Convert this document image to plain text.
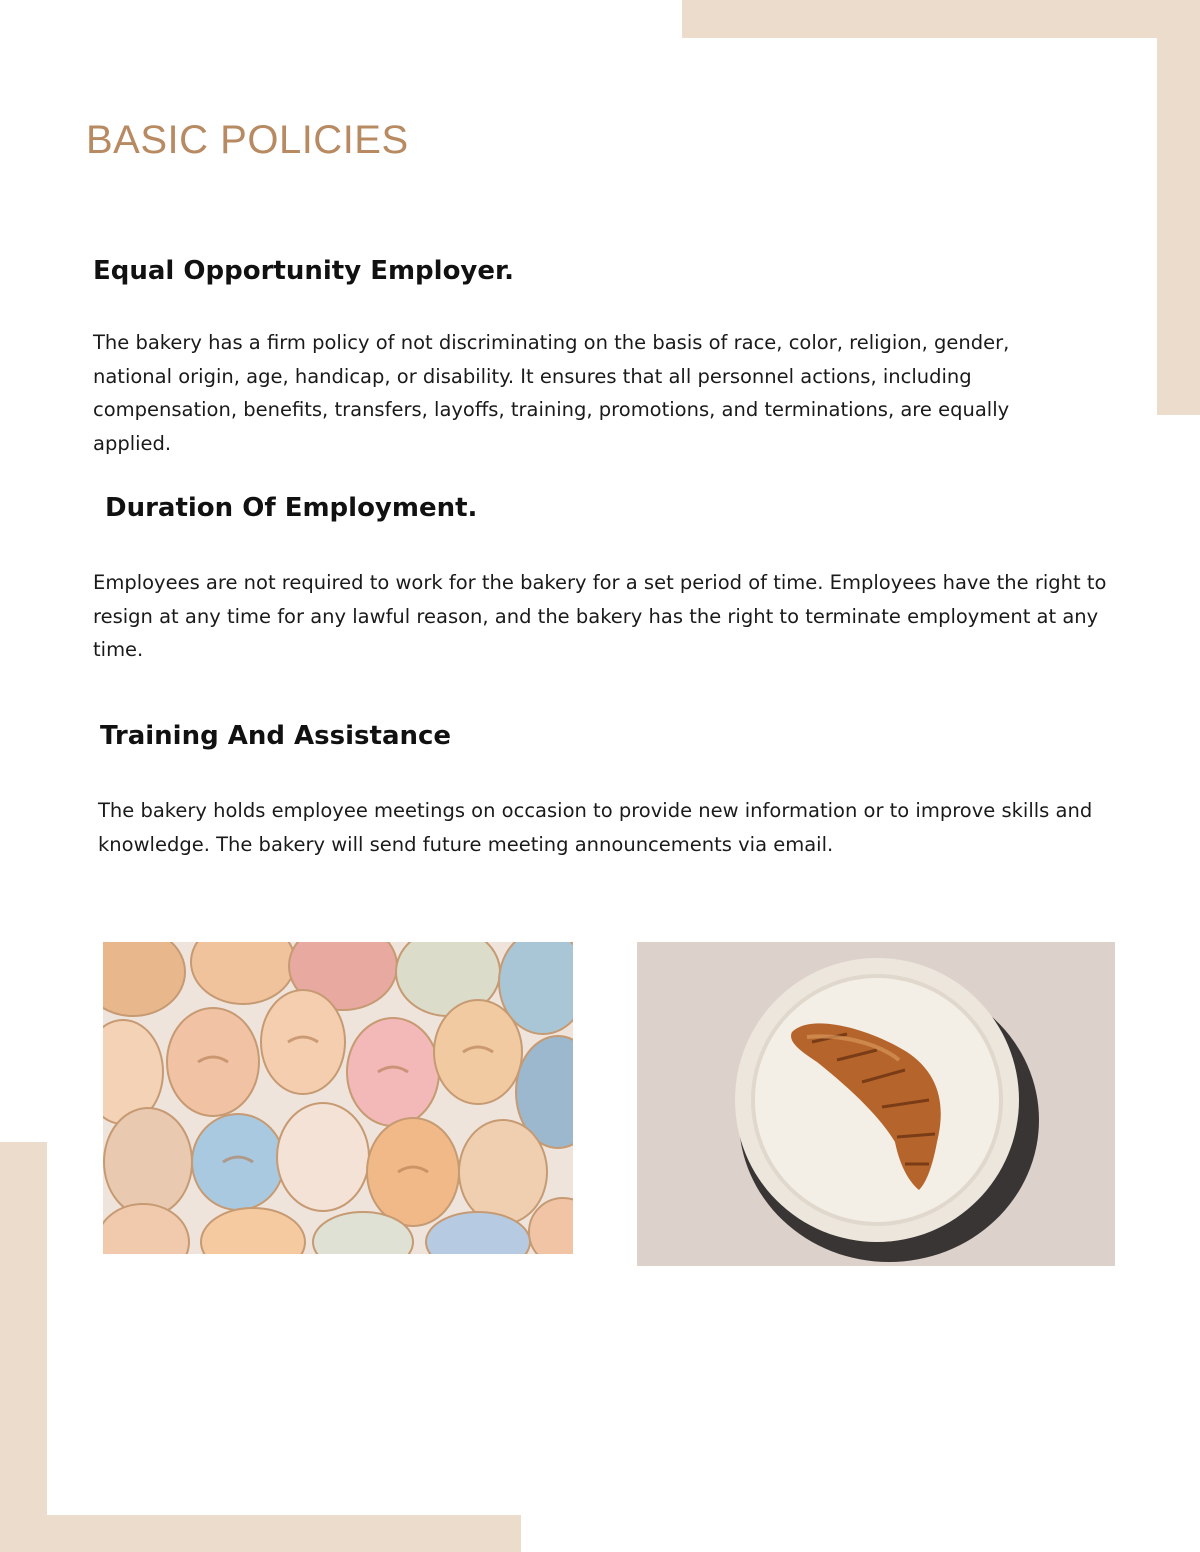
BASIC POLICIES
Equal Opportunity Employer.

The bakery has a firm policy of not discriminating on the basis of race, color, religion, gender, national origin, age, handicap, or disability. It ensures that all personnel actions, including compensation, benefits, transfers, layoffs, training, promotions, and terminations, are equally applied.

Duration Of Employment.

Employees are not required to work for the bakery for a set period of time. Employees have the right to resign at any time for any lawful reason, and the bakery has the right to terminate employment at any time.

Training And Assistance

The bakery holds employee meetings on occasion to provide new information or to improve skills and knowledge. The bakery will send future meeting announcements via email.
